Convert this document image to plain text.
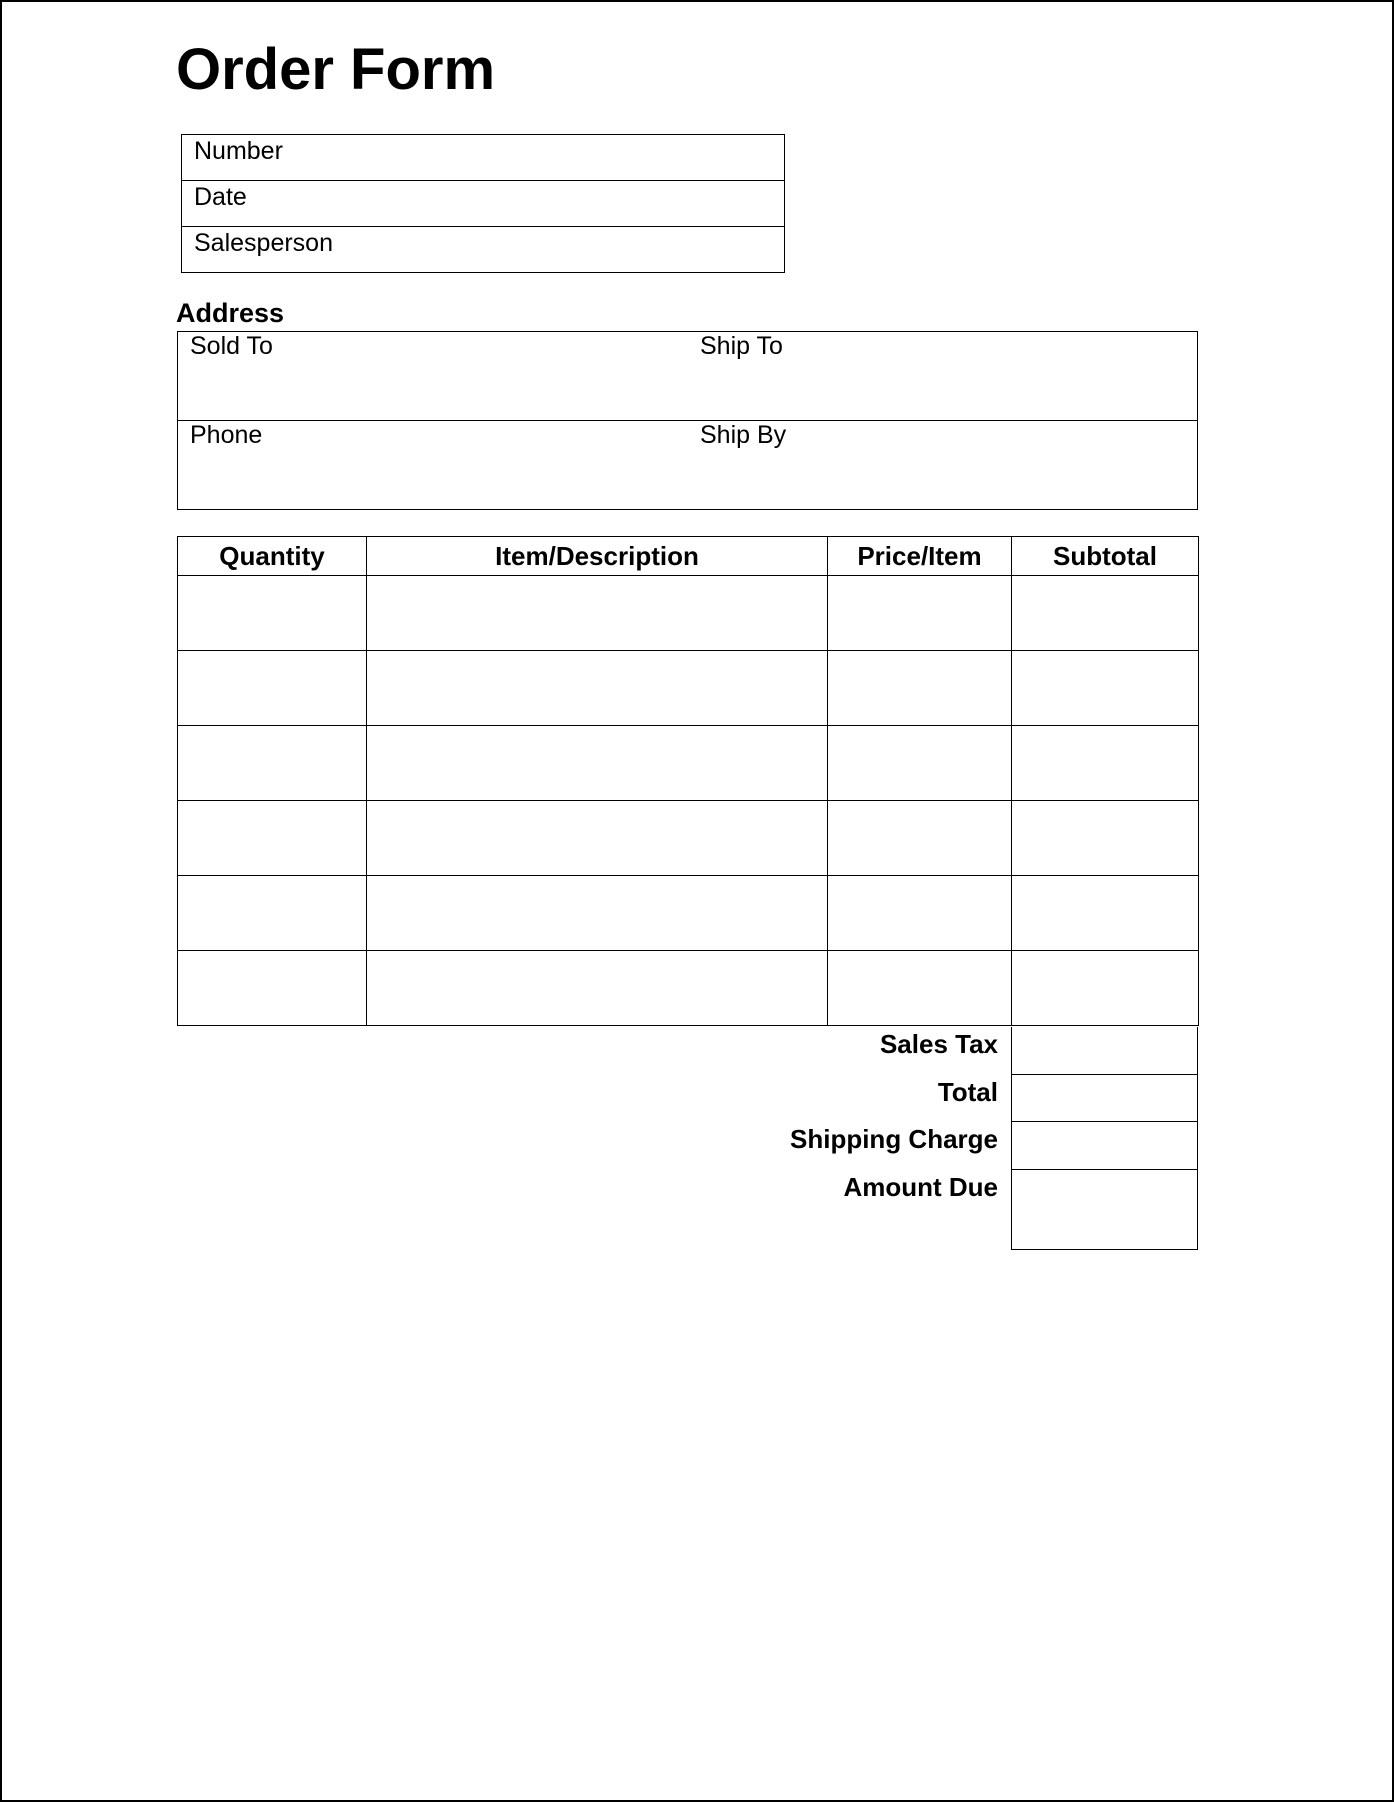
Order Form
Number
Date
Salesperson
Address
Sold To	Ship To
Phone	Ship By
Quantity	Item/Description	Price/Item	Subtotal

Sales Tax
Total
Shipping Charge
Amount Due
